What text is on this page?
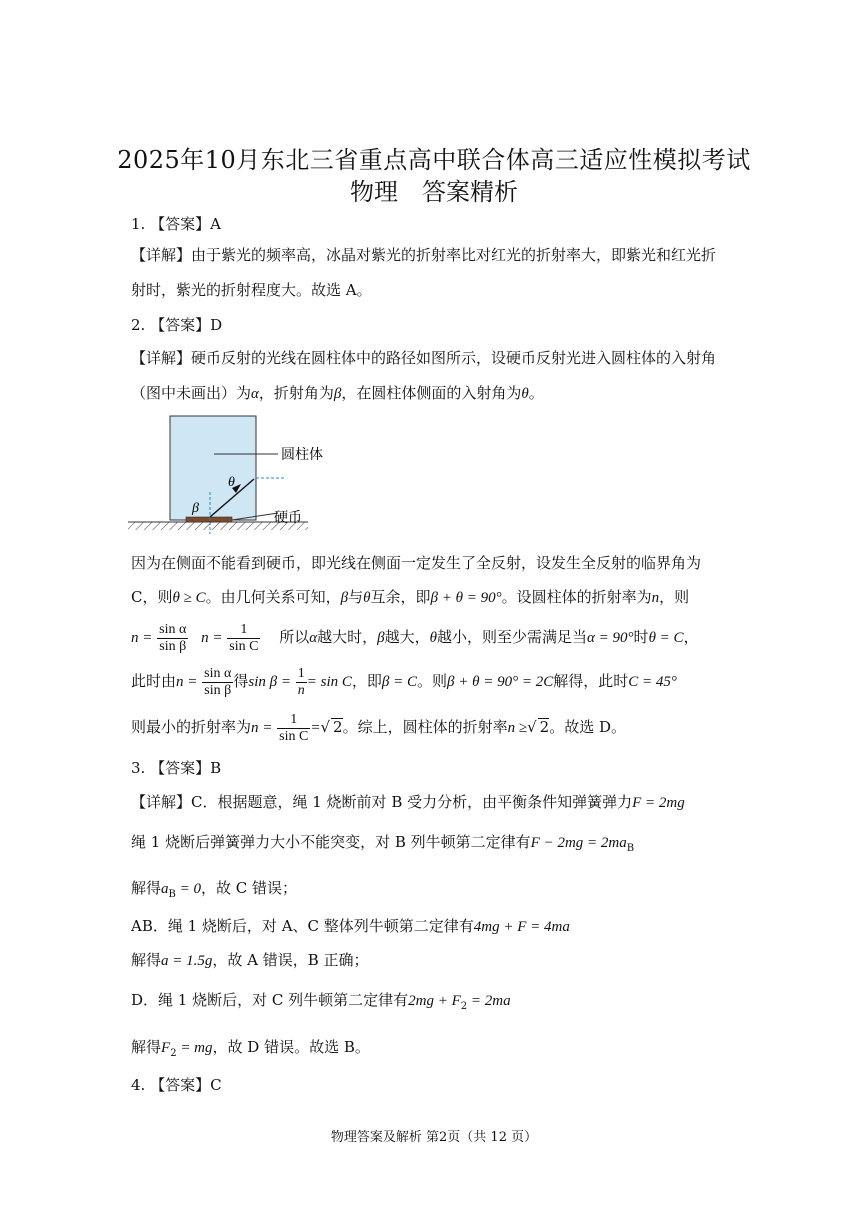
2025年10月东北三省重点高中联合体高三适应性模拟考试
物理　答案精析
1. 【答案】A
【详解】由于紫光的频率高，冰晶对紫光的折射率比对红光的折射率大，即紫光和红光折
射时，紫光的折射程度大。故选 A。
2. 【答案】D
【详解】硬币反射的光线在圆柱体中的路径如图所示，设硬币反射光进入圆柱体的入射角
（图中未画出）为α，折射角为β，在圆柱体侧面的入射角为θ。
圆柱体
硬币
β
θ
因为在侧面不能看到硬币，即光线在侧面一定发生了全反射，设发生全反射的临界角为
C，则θ ≥ C。由几何关系可知，β与θ互余，即β + θ = 90°。设圆柱体的折射率为n，则
$n = \frac{\text{sin α}}{\text{sin β}}$ $n = \frac{1}{\text{sin C}}$ 所以α越大时，β越大，θ越小，则至少需满足当α = 90°时θ = C，
此时由$n = \frac{\text{sin α}}{\text{sin β}}$ 得$\sin \beta = \frac{1}{n} = \sin C$，即β = C。则β + θ = 90° = 2C解得，此时C = 45°
则最小的折射率为$n = \frac{1}{\text{sin C}}$ =√ 2。综上，圆柱体的折射率n ≥√ 2。故选 D。
3. 【答案】B
【详解】C．根据题意，绳 1 烧断前对 B 受力分析，由平衡条件知弹簧弹力F = 2mg
绳 1 烧断后弹簧弹力大小不能突变，对 B 列牛顿第二定律有$F - 2mg = 2ma_B$
解得$a_B = 0$，故 C 错误；
AB．绳 1 烧断后，对 A、C 整体列牛顿第二定律有4mg + F = 4ma
解得a = 1.5g，故 A 错误，B 正确；
D．绳 1 烧断后，对 C 列牛顿第二定律有$2mg + F_2 = 2ma$
解得$F_2$ = mg，故 D 错误。故选 B。
4. 【答案】C
物理答案及解析 第2页（共 12 页）
